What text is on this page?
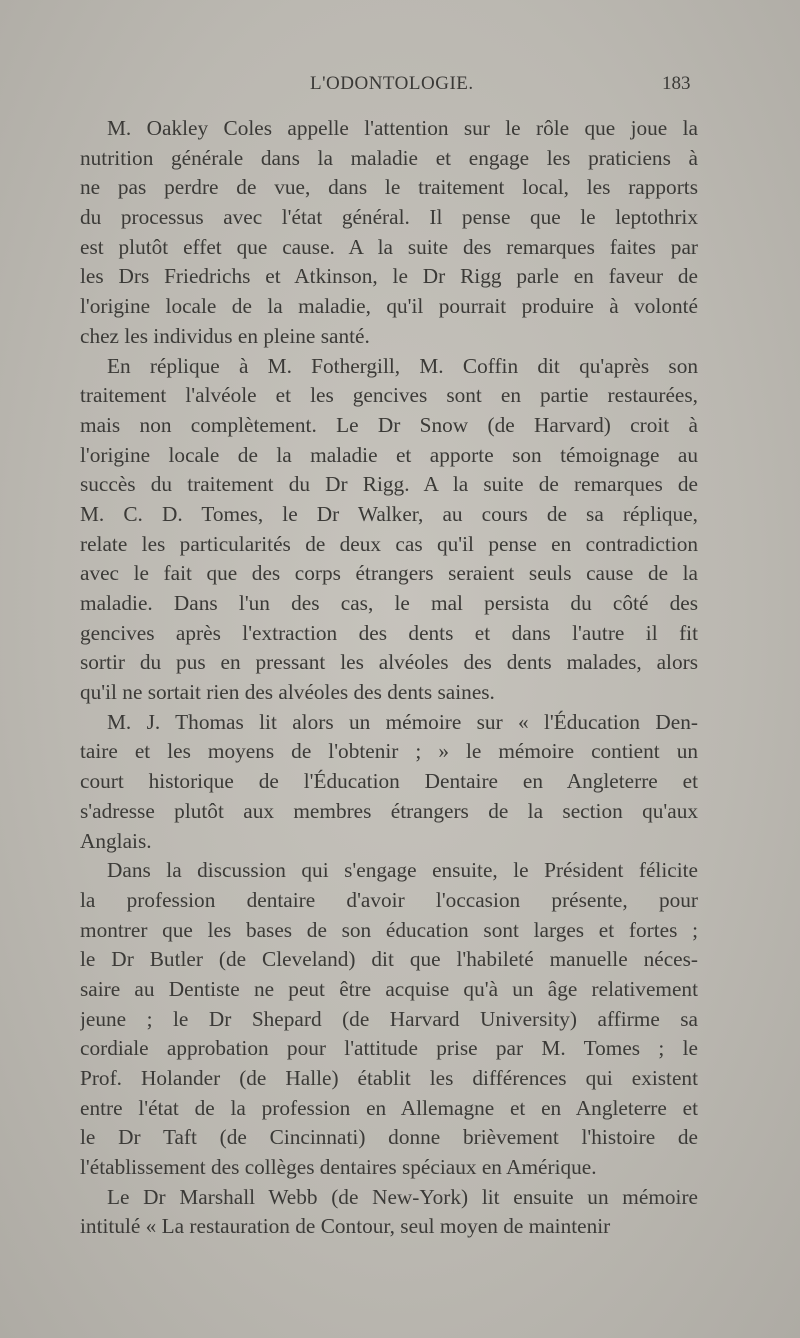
L'ODONTOLOGIE.	183
M. Oakley Coles appelle l'attention sur le rôle que joue la
nutrition générale dans la maladie et engage les praticiens à
ne pas perdre de vue, dans le traitement local, les rapports
du processus avec l'état général. Il pense que le leptothrix
est plutôt effet que cause. A la suite des remarques faites par
les Drs Friedrichs et Atkinson, le Dr Rigg parle en faveur de
l'origine locale de la maladie, qu'il pourrait produire à volonté
chez les individus en pleine santé.
En réplique à M. Fothergill, M. Coffin dit qu'après son
traitement l'alvéole et les gencives sont en partie restaurées,
mais non complètement. Le Dr Snow (de Harvard) croit à
l'origine locale de la maladie et apporte son témoignage au
succès du traitement du Dr Rigg. A la suite de remarques de
M. C. D. Tomes, le Dr Walker, au cours de sa réplique,
relate les particularités de deux cas qu'il pense en contradiction
avec le fait que des corps étrangers seraient seuls cause de la
maladie. Dans l'un des cas, le mal persista du côté des
gencives après l'extraction des dents et dans l'autre il fit
sortir du pus en pressant les alvéoles des dents malades, alors
qu'il ne sortait rien des alvéoles des dents saines.
M. J. Thomas lit alors un mémoire sur « l'Éducation Den-
taire et les moyens de l'obtenir ; » le mémoire contient un
court historique de l'Éducation Dentaire en Angleterre et
s'adresse plutôt aux membres étrangers de la section qu'aux
Anglais.
Dans la discussion qui s'engage ensuite, le Président félicite
la profession dentaire d'avoir l'occasion présente, pour
montrer que les bases de son éducation sont larges et fortes ;
le Dr Butler (de Cleveland) dit que l'habileté manuelle néces-
saire au Dentiste ne peut être acquise qu'à un âge relativement
jeune ; le Dr Shepard (de Harvard University) affirme sa
cordiale approbation pour l'attitude prise par M. Tomes ; le
Prof. Holander (de Halle) établit les différences qui existent
entre l'état de la profession en Allemagne et en Angleterre et
le Dr Taft (de Cincinnati) donne brièvement l'histoire de
l'établissement des collèges dentaires spéciaux en Amérique.
Le Dr Marshall Webb (de New-York) lit ensuite un mémoire
intitulé « La restauration de Contour, seul moyen de maintenir
